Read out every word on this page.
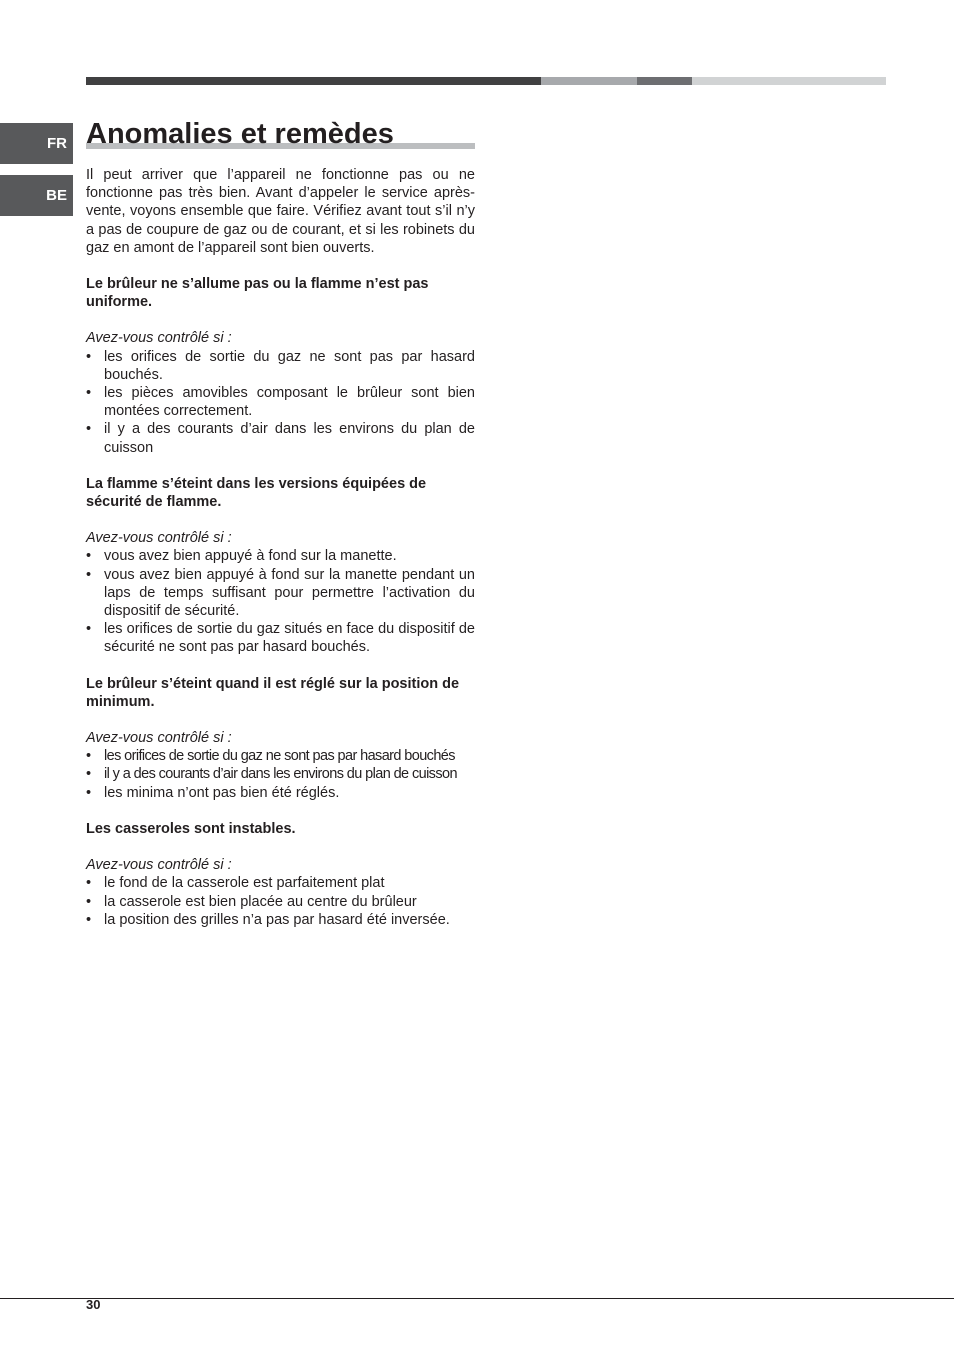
FR
BE
Anomalies et remèdes

Il peut arriver que l’appareil ne fonctionne pas ou ne fonctionne pas très bien. Avant d’appeler le service après-vente, voyons ensemble que faire. Vérifiez avant tout s’il n’y a pas de coupure de gaz ou de courant, et si les robinets du gaz en amont de l’appareil sont bien ouverts.

Le brûleur ne s’allume pas ou la flamme n’est pas uniforme.

Avez-vous contrôlé si :

• les orifices de sortie du gaz ne sont pas par hasard bouchés.
• les pièces amovibles composant le brûleur sont bien montées correctement.
• il y a des courants d’air dans les environs du plan de cuisson

La flamme s’éteint dans les versions équipées de sécurité de flamme.

Avez-vous contrôlé si :

• vous avez bien appuyé à fond sur la manette.
• vous avez bien appuyé à fond sur la manette pendant un laps de temps suffisant pour permettre l’activation du dispositif de sécurité.
• les orifices de sortie du gaz situés en face du dispositif de sécurité ne sont pas par hasard bouchés.

Le brûleur s’éteint quand il est réglé sur la position de minimum.

Avez-vous contrôlé si :

• les orifices de sortie du gaz ne sont pas par hasard bouchés
• il y a des courants d’air dans les environs du plan de cuisson
• les minima n’ont pas bien été réglés.

Les casseroles sont instables.

Avez-vous contrôlé si :

• le fond de la casserole est parfaitement plat
• la casserole est bien placée au centre du brûleur
• la position des grilles n’a pas par hasard été inversée.
30
